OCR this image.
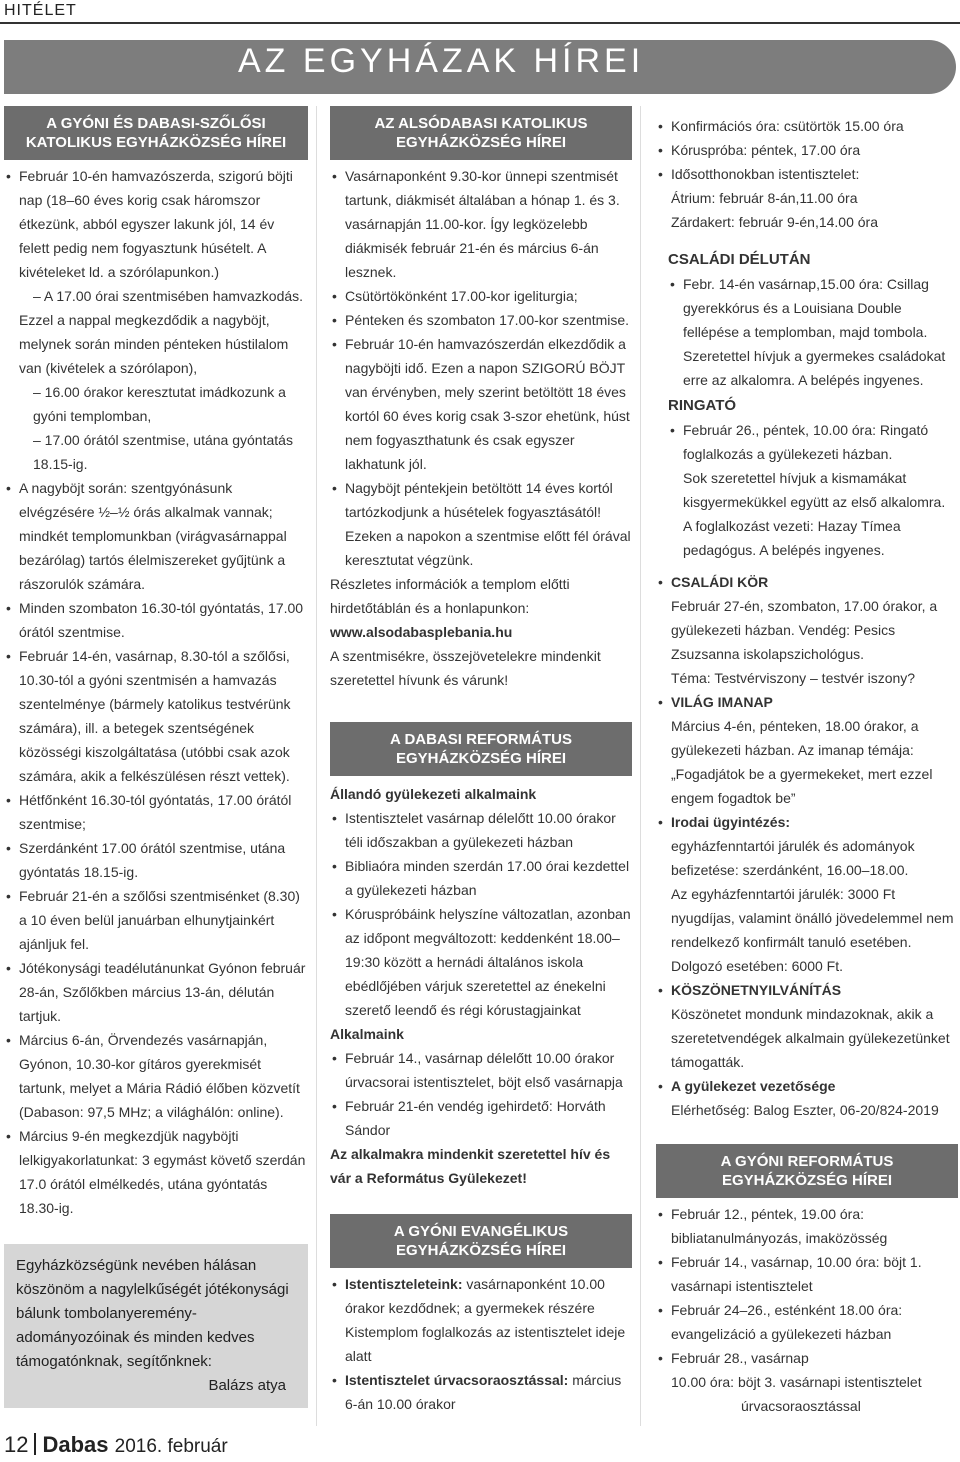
HITÉLET
AZ EGYHÁZAK HÍREI
A GYÓNI ÉS DABASI-SZŐLŐSI KATOLIKUS EGYHÁZKÖZSÉG HÍREI
• Február 10-én hamvazószerda, szigorú böjti nap (18–60 éves korig csak háromszor étkezünk, abból egyszer lakunk jól, 14 év felett pedig nem fogyasztunk húsételt. A kivételeket ld. a szórólapunkon.)

– A 17.00 órai szentmisében hamvazkodás.

Ezzel a nappal megkezdődik a nagyböjt, melynek során minden pénteken hústilalom van (kivételek a szórólapon),

– 16.00 órakor keresztutat imádkozunk a gyóni templomban,

– 17.00 órától szentmise, utána gyóntatás 18.15-ig.

• A nagyböjt során: szentgyónásunk elvégzésére ½–½ órás alkalmak vannak; mindkét templomunkban (virágvasárnappal bezárólag) tartós élelmiszereket gyűjtünk a rászorulók számára.
• Minden szombaton 16.30-tól gyóntatás, 17.00 órától szentmise.
• Február 14-én, vasárnap, 8.30-tól a szőlősi, 10.30-tól a gyóni szentmisén a hamvazás szentelménye (bármely katolikus testvérünk számára), ill. a betegek szentségének közösségi kiszolgáltatása (utóbbi csak azok számára, akik a felkészülésen részt vettek).
• Hétfőnként 16.30-tól gyóntatás, 17.00 órától szentmise;
• Szerdánként 17.00 órától szentmise, utána gyóntatás 18.15-ig.
• Február 21-én a szőlősi szentmisénket (8.30) a 10 éven belül januárban elhunytjainkért ajánljuk fel.
• Jótékonysági teadélutánunkat Gyónon február 28-án, Szőlőkben március 13-án, délután tartjuk.
• Március 6-án, Örvendezés vasárnapján, Gyónon, 10.30-kor gítáros gyerekmisét tartunk, melyet a Mária Rádió élőben közvetít (Dabason: 97,5 MHz; a világhálón: online).
• Március 9-én megkezdjük nagyböjti lelkigyakorlatunkat: 3 egymást követő szerdán 17.0 órától elmélkedés, utána gyóntatás 18.30-ig.

Egyházközségünk nevében hálásan köszönöm a nagylelkűségét jótékonysági bálunk tombolanyeremény-adományozóinak és minden kedves támogatónknak, segítőnknek:

Balázs atya

AZ ALSÓDABASI KATOLIKUS EGYHÁZKÖZSÉG HÍREI
• Vasárnaponként 9.30-kor ünnepi szentmisét tartunk, diákmisét általában a hónap 1. és 3. vasárnapján 11.00-kor. Így legközelebb diákmisék február 21-én és március 6-án lesznek.
• Csütörtökönként 17.00-kor igeliturgia;
• Pénteken és szombaton 17.00-kor szentmise.
• Február 10-én hamvazószerdán elkezdődik a nagyböjti idő. Ezen a napon SZIGORÚ BÖJT van érvényben, mely szerint betöltött 18 éves kortól 60 éves korig csak 3-szor ehetünk, húst nem fogyaszthatunk és csak egyszer lakhatunk jól.
• Nagyböjt péntekjein betöltött 14 éves kortól tartózkodjunk a húsételek fogyasztásától! Ezeken a napokon a szentmise előtt fél órával keresztutat végzünk.

Részletes információk a templom előtti hirdetőtáblán és a honlapunkon:

www.alsodabasplebania.hu

A szentmisékre, összejövetelekre mindenkit szeretettel hívunk és várunk!

A DABASI REFORMÁTUS EGYHÁZKÖZSÉG HÍREI

Állandó gyülekezeti alkalmaink

• Istentisztelet vasárnap délelőtt 10.00 órakor téli időszakban a gyülekezeti házban
• Bibliaóra minden szerdán 17.00 órai kezdettel a gyülekezeti házban
• Kóruspróbáink helyszíne változatlan, azonban az időpont megváltozott: keddenként 18.00–19:30 között a hernádi általános iskola ebédlőjében várjuk szeretettel az énekelni szerető leendő és régi kórustagjainkat

Alkalmaink

• Február 14., vasárnap délelőtt 10.00 órakor úrvacsorai istentisztelet, böjt első vasárnapja
• Február 21-én vendég igehirdető: Horváth Sándor

Az alkalmakra mindenkit szeretettel hív és vár a Református Gyülekezet!

A GYÓNI EVANGÉLIKUS EGYHÁZKÖZSÉG HÍREI
• Istentiszteleteink: vasárnaponként 10.00 órakor kezdődnek; a gyermekek részére Kistemplom foglalkozás az istentisztelet ideje alatt
• Istentisztelet úrvacsoraosztással: március 6-án 10.00 órakor
• Konfirmációs óra: csütörtök 15.00 óra
• Kóruspróba: péntek, 17.00 óra
• Idősotthonokban istentisztelet:

Átrium: február 8-án,11.00 óra

Zárdakert: február 9-én,14.00 óra

CSALÁDI DÉLUTÁN

• Febr. 14-én vasárnap,15.00 óra: Csillag gyerekkórus és a Louisiana Double fellépése a templomban, majd tombola.

Szeretettel hívjuk a gyermekes családokat erre az alkalomra. A belépés ingyenes.

RINGATÓ

• Február 26., péntek, 10.00 óra: Ringató foglalkozás a gyülekezeti házban.

Sok szeretettel hívjuk a kismamákat kisgyermekükkel együtt az első alkalomra.

A foglalkozást vezeti: Hazay Tímea pedagógus. A belépés ingyenes.

• CSALÁDI KÖR

Február 27-én, szombaton, 17.00 órakor, a gyülekezeti házban. Vendég: Pesics Zsuzsanna iskolapszichológus.

Téma: Testvérviszony – testvér iszony?

• VILÁG IMANAP

Március 4-én, pénteken, 18.00 órakor, a gyülekezeti házban. Az imanap témája: „Fogadjátok be a gyermekeket, mert ezzel engem fogadtok be”

• Irodai ügyintézés:

egyházfenntartói járulék és adományok befizetése: szerdánként, 16.00–18.00.

Az egyházfenntartói járulék: 3000 Ft nyugdíjas, valamint önálló jövedelemmel nem rendelkező konfirmált tanuló esetében. Dolgozó esetében: 6000 Ft.

• KÖSZÖNETNYILVÁNÍTÁS

Köszönetet mondunk mindazoknak, akik a szeretetvendégek alkalmain gyülekezetünket támogatták.

• A gyülekezet vezetősége

Elérhetőség: Balog Eszter, 06-20/824-2019

A GYÓNI REFORMÁTUS EGYHÁZKÖZSÉG HÍREI
• Február 12., péntek, 19.00 óra: bibliatanulmányozás, imaközösség
• Február 14., vasárnap, 10.00 óra: böjt 1. vasárnapi istentisztelet
• Február 24–26., esténként 18.00 óra: evangelizáció a gyülekezeti házban
• Február 28., vasárnap

10.00 óra: böjt 3. vasárnapi istentisztelet

úrvacsoraosztással

12 Dabas 2016. február
